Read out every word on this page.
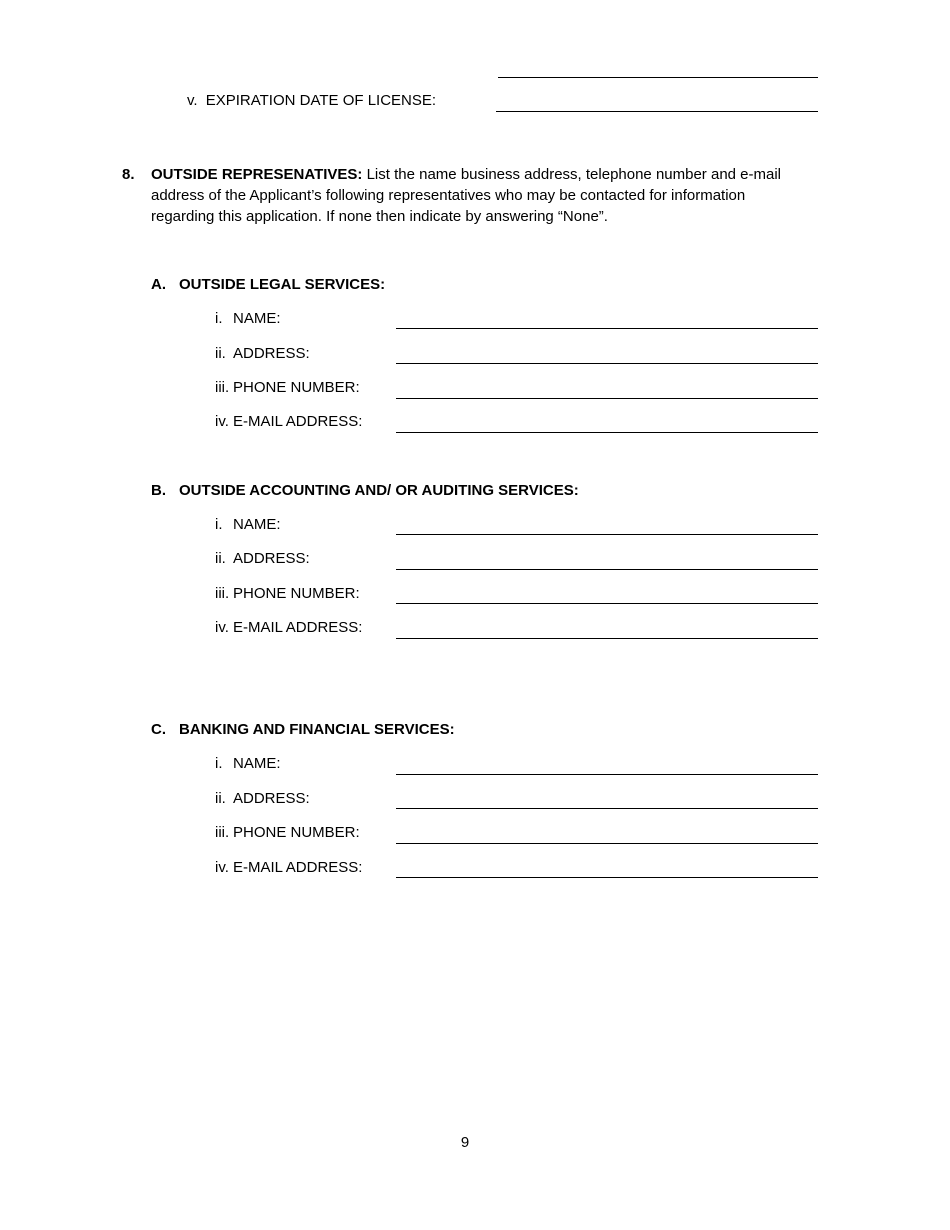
v. EXPIRATION DATE OF LICENSE:
8. OUTSIDE REPRESENATIVES: List the name business address, telephone number and e-mail address of the Applicant’s following representatives who may be contacted for information regarding this application. If none then indicate by answering “None”.
A. OUTSIDE LEGAL SERVICES:
i. NAME:
ii. ADDRESS:
iii. PHONE NUMBER:
iv. E-MAIL ADDRESS:
B. OUTSIDE ACCOUNTING AND/ OR AUDITING SERVICES:
i. NAME:
ii. ADDRESS:
iii. PHONE NUMBER:
iv. E-MAIL ADDRESS:
C. BANKING AND FINANCIAL SERVICES:
i. NAME:
ii. ADDRESS:
iii. PHONE NUMBER:
iv. E-MAIL ADDRESS:
9
